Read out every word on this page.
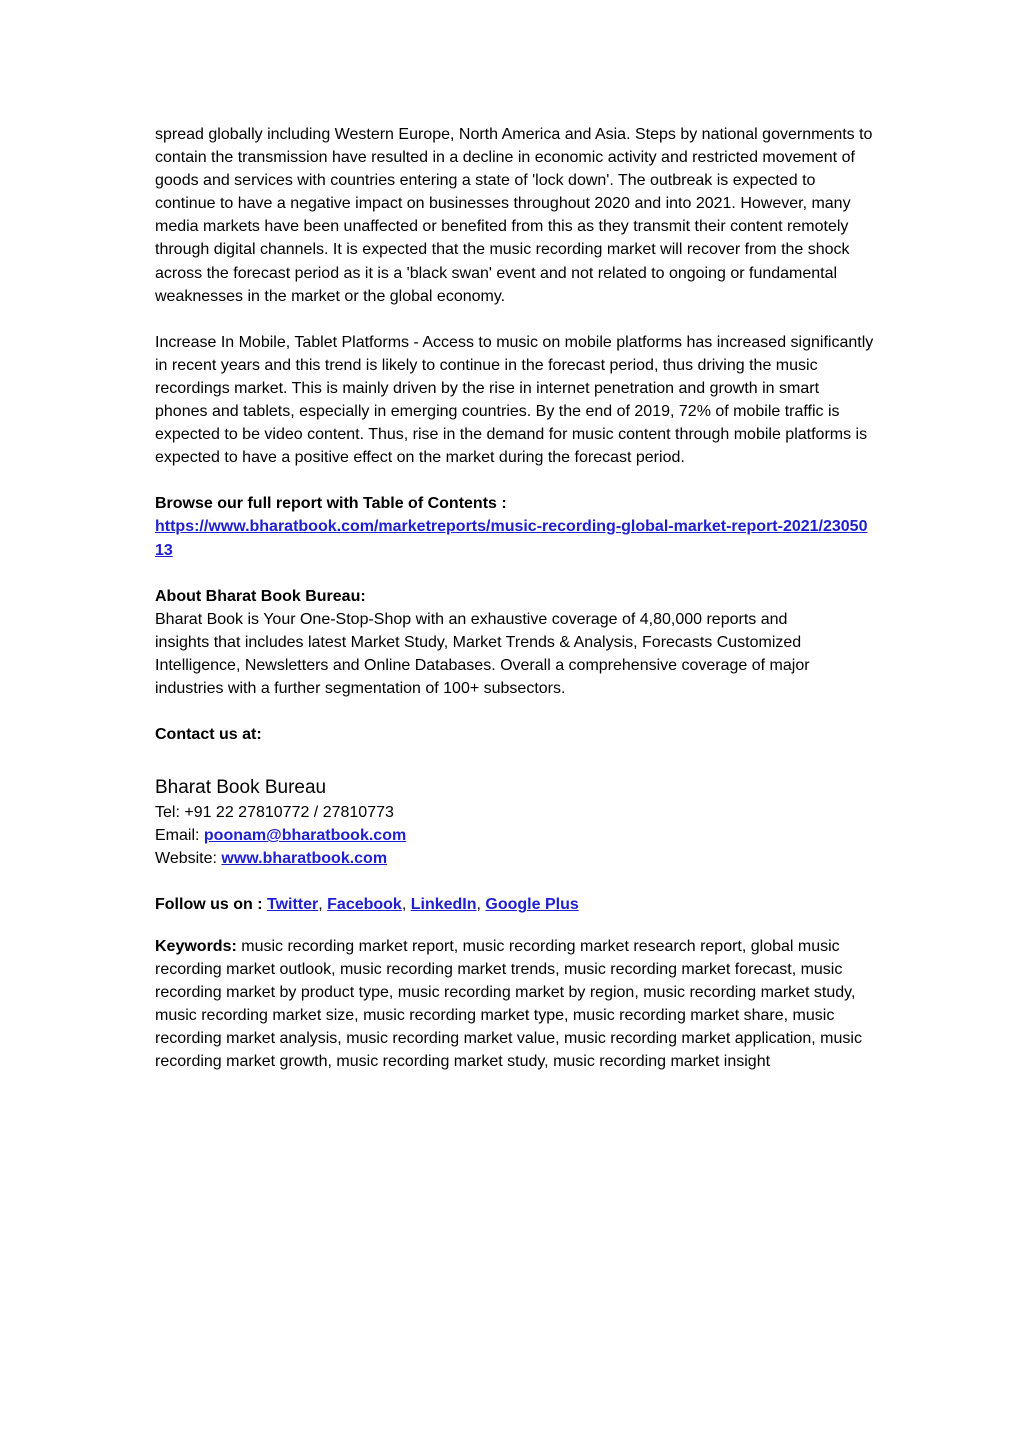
spread globally including Western Europe, North America and Asia. Steps by national governments to contain the transmission have resulted in a decline in economic activity and restricted movement of goods and services with countries entering a state of 'lock down'. The outbreak is expected to continue to have a negative impact on businesses throughout 2020 and into 2021. However, many media markets have been unaffected or benefited from this as they transmit their content remotely through digital channels. It is expected that the music recording market will recover from the shock across the forecast period as it is a 'black swan' event and not related to ongoing or fundamental weaknesses in the market or the global economy.

Increase In Mobile, Tablet Platforms - Access to music on mobile platforms has increased significantly in recent years and this trend is likely to continue in the forecast period, thus driving the music recordings market. This is mainly driven by the rise in internet penetration and growth in smart phones and tablets, especially in emerging countries. By the end of 2019, 72% of mobile traffic is expected to be video content. Thus, rise in the demand for music content through mobile platforms is expected to have a positive effect on the market during the forecast period.

Browse our full report with Table of Contents :

https://www.bharatbook.com/marketreports/music-recording-global-market-report-2021/2305013

About Bharat Book Bureau:

Bharat Book is Your One-Stop-Shop with an exhaustive coverage of 4,80,000 reports and insights that includes latest Market Study, Market Trends & Analysis, Forecasts Customized Intelligence, Newsletters and Online Databases. Overall a comprehensive coverage of major industries with a further segmentation of 100+ subsectors.

Contact us at:

Bharat Book Bureau

Tel: +91 22 27810772 / 27810773

Email: poonam@bharatbook.com

Website: www.bharatbook.com

Follow us on : Twitter, Facebook, LinkedIn, Google Plus

Keywords: music recording market report, music recording market research report, global music recording market outlook, music recording market trends, music recording market forecast, music recording market by product type, music recording market by region, music recording market study, music recording market size, music recording market type, music recording market share, music recording market analysis, music recording market value, music recording market application, music recording market growth, music recording market study, music recording market insight
